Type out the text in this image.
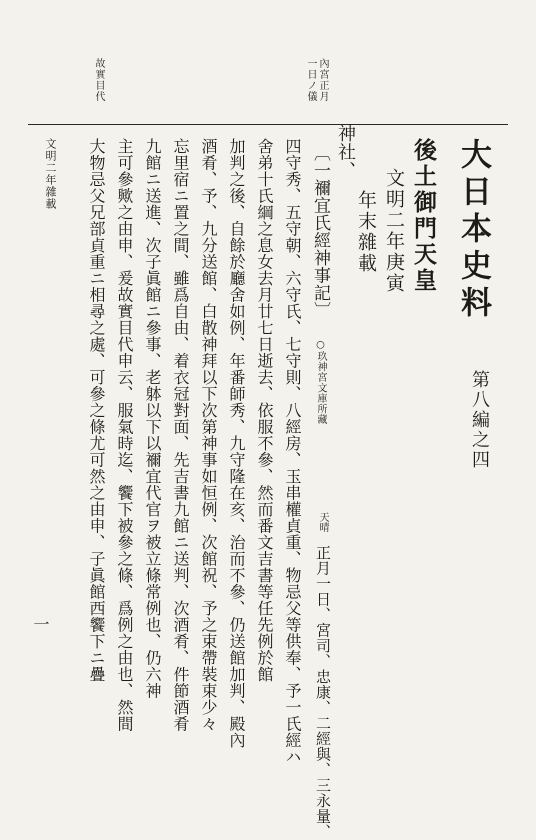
內宮正月
一日ノ儀
故實目代
大日本史料
第八編之四
後土御門天皇
文明二年庚寅
年末雜載
神社、
〔一禰宜氏經神事記〕 ○玖神宮文庫所藏
天晴
正月一日、宮司、忠康、二經與、三永量、
四守秀、五守朝、六守氏、七守則、八經房、玉串權貞重、物忌父等供奉、予一氏經ハ
舍弟十氏綱之息女去月廿七日逝去、依服不參、然而番文吉書等任先例於館
加判之後、自餘於廳舍如例、年番師秀、九守隆在亥、治而不參、仍送館加判、殿內
酒肴、予、九分送館、白散神拜以下次第神事如恒例、次館祝、予之束帶裝束少々
忘里宿ニ置之間、雖爲自由、着衣冠對面、先吉書九館ニ送判、次酒肴、件節酒肴
九館ニ送進、次子眞館ニ參事、老躰以下以禰宜代官ヲ被立條常例也、仍六神
主可參歟之由申、爰故實目代申云、服氣時迄、饗下被參之條、爲例之由也、然間
大物忌父兄部貞重ニ相尋之處、可參之條尤可然之由申、子眞館西饗下ニ疊
文明二年雜載
一
